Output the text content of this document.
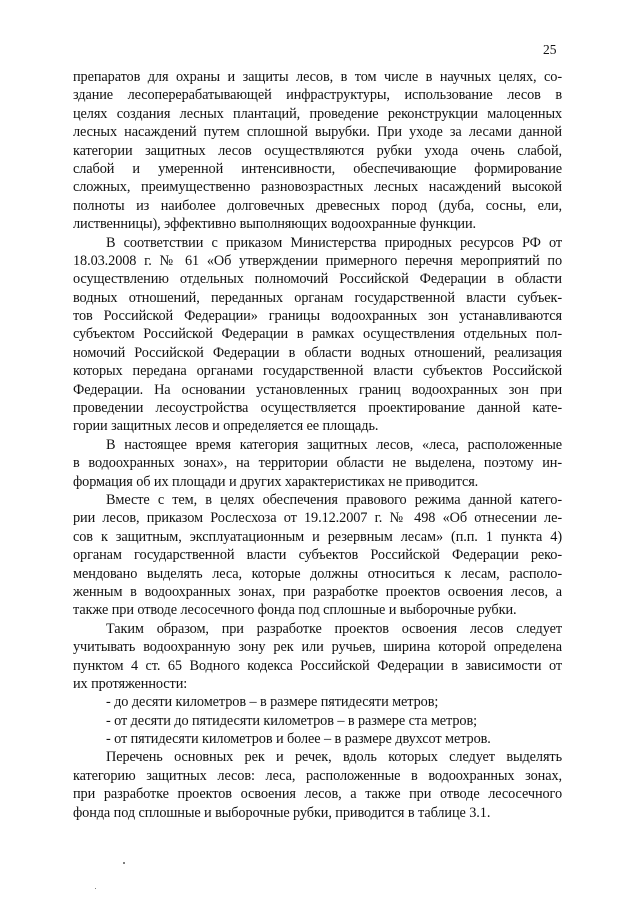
25
препаратов для охраны и защиты лесов, в том числе в научных целях, со-
здание лесоперерабатывающей инфраструктуры, использование лесов в
целях создания лесных плантаций, проведение реконструкции малоценных
лесных насаждений путем сплошной вырубки. При уходе за лесами данной
категории защитных лесов осуществляются рубки ухода очень слабой,
слабой и умеренной интенсивности, обеспечивающие формирование
сложных, преимущественно разновозрастных лесных насаждений высокой
полноты из наиболее долговечных древесных пород (дуба, сосны, ели,
лиственницы), эффективно выполняющих водоохранные функции.
В соответствии с приказом Министерства природных ресурсов РФ от
18.03.2008 г. № 61 «Об утверждении примерного перечня мероприятий по
осуществлению отдельных полномочий Российской Федерации в области
водных отношений, переданных органам государственной власти субъек-
тов Российской Федерации» границы водоохранных зон устанавливаются
субъектом Российской Федерации в рамках осуществления отдельных пол-
номочий Российской Федерации в области водных отношений, реализация
которых передана органами государственной власти субъектов Российской
Федерации. На основании установленных границ водоохранных зон при
проведении лесоустройства осуществляется проектирование данной кате-
гории защитных лесов и определяется ее площадь.
В настоящее время категория защитных лесов, «леса, расположенные
в водоохранных зонах», на территории области не выделена, поэтому ин-
формация об их площади и других характеристиках не приводится.
Вместе с тем, в целях обеспечения правового режима данной катего-
рии лесов, приказом Рослесхоза от 19.12.2007 г. № 498 «Об отнесении ле-
сов к защитным, эксплуатационным и резервным лесам» (п.п. 1 пункта 4)
органам государственной власти субъектов Российской Федерации реко-
мендовано выделять леса, которые должны относиться к лесам, располо-
женным в водоохранных зонах, при разработке проектов освоения лесов, а
также при отводе лесосечного фонда под сплошные и выборочные рубки.
Таким образом, при разработке проектов освоения лесов следует
учитывать водоохранную зону рек или ручьев, ширина которой определена
пунктом 4 ст. 65 Водного кодекса Российской Федерации в зависимости от
их протяженности:
- до десяти километров – в размере пятидесяти метров;
- от десяти до пятидесяти километров – в размере ста метров;
- от пятидесяти километров и более – в размере двухсот метров.
Перечень основных рек и речек, вдоль которых следует выделять
категорию защитных лесов: леса, расположенные в водоохранных зонах,
при разработке проектов освоения лесов, а также при отводе лесосечного
фонда под сплошные и выборочные рубки, приводится в таблице 3.1.
